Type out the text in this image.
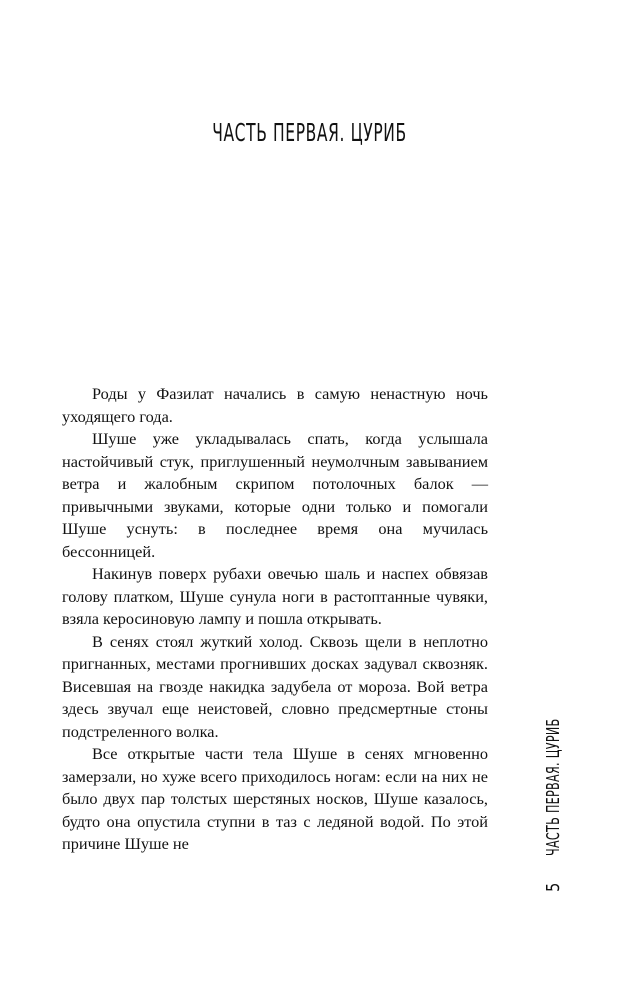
ЧАСТЬ ПЕРВАЯ. ЦУРИБ

Роды у Фазилат начались в самую ненастную ночь уходящего года.

Шуше уже укладывалась спать, когда услышала настойчивый стук, приглушенный неумолчным завыванием ветра и жалобным скрипом потолочных балок — привычными звуками, которые одни только и помогали Шуше уснуть: в последнее время она мучилась бессонницей.

Накинув поверх рубахи овечью шаль и наспех обвязав голову платком, Шуше сунула ноги в растоптанные чувяки, взяла керосиновую лампу и пошла открывать.

В сенях стоял жуткий холод. Сквозь щели в неплотно пригнанных, местами прогнивших досках задувал сквозняк. Висевшая на гвозде накидка задубела от мороза. Вой ветра здесь звучал еще неистовей, словно предсмертные стоны подстреленного волка.

Все открытые части тела Шуше в сенях мгновенно замерзали, но хуже всего приходилось ногам: если на них не было двух пар толстых шерстяных носков, Шуше казалось, будто она опустила ступни в таз с ледяной водой. По этой причине Шуше не

5
ЧАСТЬ ПЕРВАЯ. ЦУРИБ
